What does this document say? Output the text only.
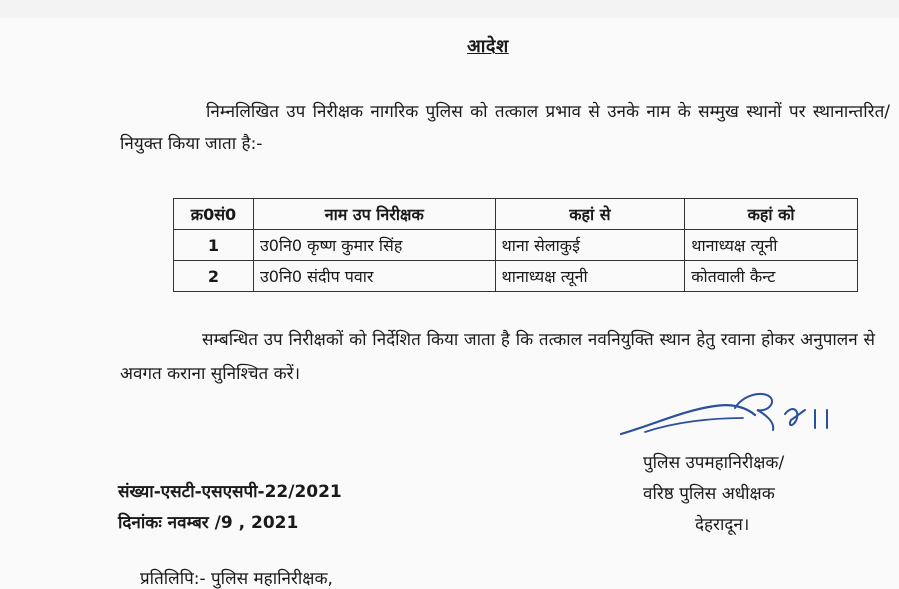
आदेश
निम्नलिखित उप निरीक्षक नागरिक पुलिस को तत्काल प्रभाव से उनके नाम के सम्मुख स्थानों पर स्थानान्तरित/नियुक्त किया जाता है:-
क्र0सं0	नाम उप निरीक्षक	कहां से	कहां को
1	उ0नि0 कृष्ण कुमार सिंह	थाना सेलाकुई	थानाध्यक्ष त्यूनी
2	उ0नि0 संदीप पवार	थानाध्यक्ष त्यूनी	कोतवाली कैन्ट
सम्बन्धित उप निरीक्षकों को निर्देशित किया जाता है कि तत्काल नवनियुक्ति स्थान हेतु रवाना होकर अनुपालन से अवगत कराना सुनिश्चित करें।
पुलिस उपमहानिरीक्षक/
वरिष्ठ पुलिस अधीक्षक
देहरादून।
संख्या-एसटी-एसएसपी-22/2021
दिनांकः नवम्बर /9 , 2021
प्रतिलिपि:- पुलिस महानिरीक्षक,
